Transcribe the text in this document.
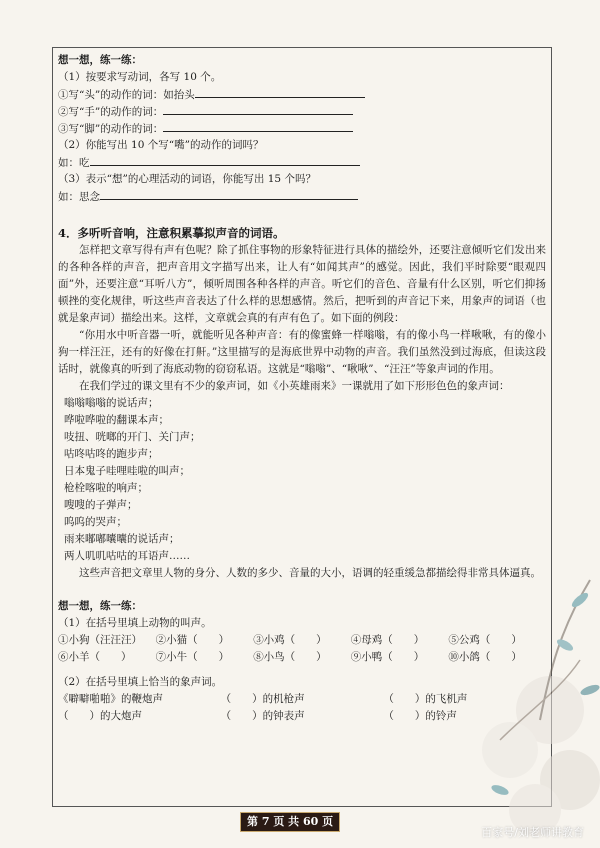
想一想，练一练：
（1）按要求写动词，各写 10 个。
①写“头”的动作的词：如抬头
②写“手”的动作的词：
③写“脚”的动作的词：
（2）你能写出 10 个写“嘴”的动作的词吗？
如：吃
（3）表示“想”的心理活动的词语，你能写出 15 个吗？
如：思念
4．多听听音响，注意积累摹拟声音的词语。
怎样把文章写得有声有色呢？除了抓住事物的形象特征进行具体的描绘外，还要注意倾听它们发出来的各种各样的声音，把声音用文字描写出来，让人有“如闻其声”的感觉。因此，我们平时除要“眼观四面”外，还要注意“耳听八方”，倾听周围各种各样的声音。听它们的音色、音量有什么区别，听它们抑扬顿挫的变化规律，听这些声音表达了什么样的思想感情。然后，把听到的声音记下来，用象声的词语（也就是象声词）描绘出来。这样，文章就会真的有声有色了。如下面的例段：
“你用水中听音器一听，就能听见各种声音：有的像蜜蜂一样嗡嗡，有的像小鸟一样啾啾，有的像小狗一样汪汪，还有的好像在打鼾。”这里描写的是海底世界中动物的声音。我们虽然没到过海底，但读这段话时，就像真的听到了海底动物的窃窃私语。这就是“嗡嗡”、“啾啾”、“汪汪”等象声词的作用。
在我们学过的课文里有不少的象声词，如《小英雄雨来》一课就用了如下形形色色的象声词：
嗡嗡嗡嗡的说话声；
哗啦哗啦的翻课本声；
吱扭、咣啷的开门、关门声；
咕咚咕咚的跑步声；
日本鬼子哇哩哇啦的叫声；
枪栓喀啦的响声；
嗖嗖的子弹声；
呜呜的哭声；
雨来嘟嘟囔囔的说话声；
两人叽叽咕咕的耳语声……
这些声音把文章里人物的身分、人数的多少、音量的大小，语调的轻重缓急都描绘得非常具体逼真。
想一想，练一练：
（1）在括号里填上动物的叫声。
①小狗（汪汪汪）	②小猫（　　）	③小鸡（　　）	④母鸡（　　）	⑤公鸡（　　）
⑥小羊（　　）	⑦小牛（　　）	⑧小鸟（　　）	⑨小鸭（　　）	⑩小鸽（　　）
（2）在括号里填上恰当的象声词。
《噼噼啪啪》的鞭炮声	（　　）的机枪声	（　　）的飞机声
（　　）的大炮声	（　　）的钟表声	（　　）的铃声
第 7 页 共 60 页
百家号/刘老师讲教育
